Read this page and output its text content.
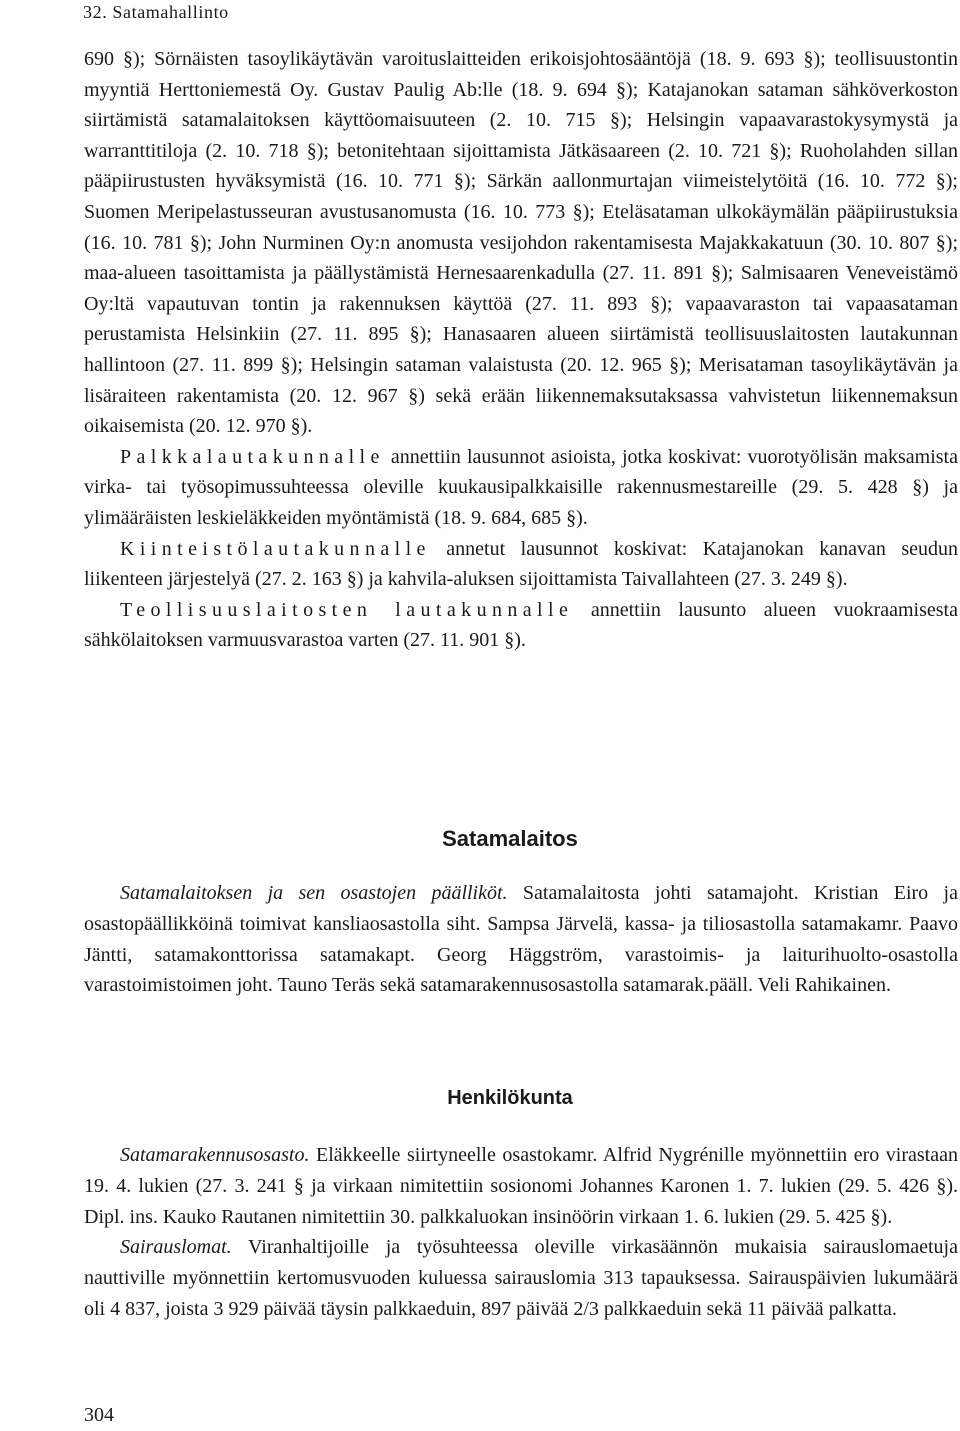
32. Satamahallinto

690 §); Sörnäisten tasoylikäytävän varoituslaitteiden erikoisjohtosääntöjä (18. 9. 693 §); teollisuustontin myyntiä Herttoniemestä Oy. Gustav Paulig Ab:lle (18. 9. 694 §); Katajanokan sataman sähköverkoston siirtämistä satamalaitoksen käyttöomaisuuteen (2. 10. 715 §); Helsingin vapaavarastokysymystä ja warranttitiloja (2. 10. 718 §); betonitehtaan sijoittamista Jätkäsaareen (2. 10. 721 §); Ruoholahden sillan pääpiirustusten hyväksymistä (16. 10. 771 §); Särkän aallonmurtajan viimeistelytöitä (16. 10. 772 §); Suomen Meripelastusseuran avustusanomusta (16. 10. 773 §); Eteläsataman ulkokäymälän pääpiirustuksia (16. 10. 781 §); John Nurminen Oy:n anomusta vesijohdon rakentamisesta Majakkakatuun (30. 10. 807 §); maa-alueen tasoittamista ja päällystämistä Hernesaarenkadulla (27. 11. 891 §); Salmisaaren Veneveistämö Oy:ltä vapautuvan tontin ja rakennuksen käyttöä (27. 11. 893 §); vapaavaraston tai vapaasataman perustamista Helsinkiin (27. 11. 895 §); Hanasaaren alueen siirtämistä teollisuuslaitosten lautakunnan hallintoon (27. 11. 899 §); Helsingin sataman valaistusta (20. 12. 965 §); Merisataman tasoylikäytävän ja lisäraiteen rakentamista (20. 12. 967 §) sekä erään liikennemaksutaksassa vahvistetun liikennemaksun oikaisemista (20. 12. 970 §).

Palkkalautakunnalle annettiin lausunnot asioista, jotka koskivat: vuorotyölisän maksamista virka- tai työsopimussuhteessa oleville kuukausipalkkaisille rakennusmestareille (29. 5. 428 §) ja ylimääräisten leskieläkkeiden myöntämistä (18. 9. 684, 685 §).

Kiinteistölautakunnalle annetut lausunnot koskivat: Katajanokan kanavan seudun liikenteen järjestelyä (27. 2. 163 §) ja kahvila-aluksen sijoittamista Taivallahteen (27. 3. 249 §).

Teollisuuslaitosten lautakunnalle annettiin lausunto alueen vuokraamisesta sähkölaitoksen varmuusvarastoa varten (27. 11. 901 §).

Satamalaitos

Satamalaitoksen ja sen osastojen päälliköt. Satamalaitosta johti satamajoht. Kristian Eiro ja osastopäällikköinä toimivat kansliaosastolla siht. Sampsa Järvelä, kassa- ja tiliosastolla satamakamr. Paavo Jäntti, satamakonttorissa satamakapt. Georg Häggström, varastoimis- ja laiturihuolto-osastolla varastoimistoimen joht. Tauno Teräs sekä satamarakennusosastolla satamarak.pääll. Veli Rahikainen.

Henkilökunta

Satamarakennusosasto. Eläkkeelle siirtyneelle osastokamr. Alfrid Nygrénille myönnettiin ero virastaan 19. 4. lukien (27. 3. 241 § ja virkaan nimitettiin sosionomi Johannes Karonen 1. 7. lukien (29. 5. 426 §). Dipl. ins. Kauko Rautanen nimitettiin 30. palkkaluokan insinöörin virkaan 1. 6. lukien (29. 5. 425 §).

Sairauslomat. Viranhaltijoille ja työsuhteessa oleville virkasäännön mukaisia sairauslomaetuja nauttiville myönnettiin kertomusvuoden kuluessa sairauslomia 313 tapauksessa. Sairauspäivien lukumäärä oli 4 837, joista 3 929 päivää täysin palkkaeduin, 897 päivää 2/3 palkkaeduin sekä 11 päivää palkatta.

304
